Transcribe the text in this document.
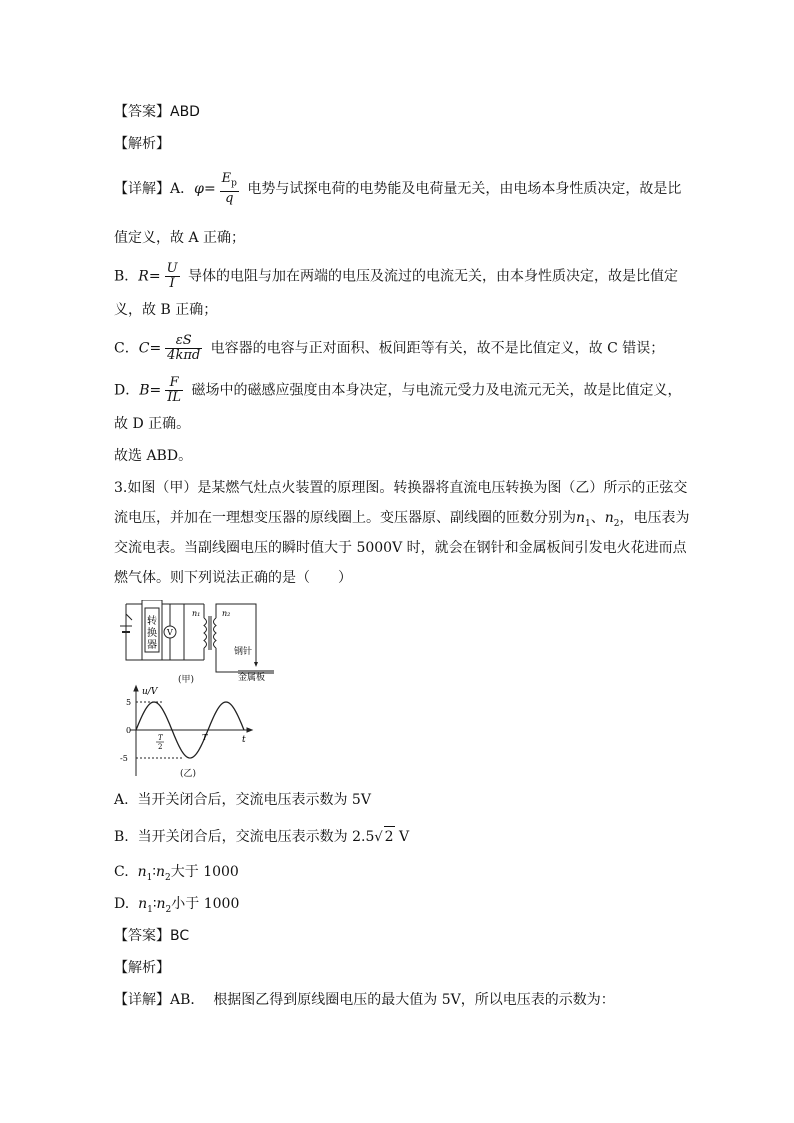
【答案】ABD
【解析】
【详解】A．$\varphi= \frac{E_p}{q}$ 电势与试探电荷的电势能及电荷量无关，由电场本身性质决定，故是比
值定义，故 A 正确；
B．$R= \frac{U}{I}$ 导体的电阻与加在两端的电压及流过的电流无关，由本身性质决定，故是比值定
义，故 B 正确；
C．$C= \frac{\varepsilon S}{\text{4kπd}}$ 电容器的电容与正对面积、板间距等有关，故不是比值定义，故 C 错误；
D．$B= \frac{F}{IL}$ 磁场中的磁感应强度由本身决定，与电流元受力及电流元无关，故是比值定义，
故 D 正确。
故选 ABD。
3.如图（甲）是某燃气灶点火装置的原理图。转换器将直流电压转换为图（乙）所示的正弦交
流电压，并加在一理想变压器的原线圈上。变压器原、副线圈的匝数分别为$n_1$、$n_2$，电压表为
交流电表。当副线圈电压的瞬时值大于 5000V 时，就会在钢针和金属板间引发电火花进而点
燃气体。则下列说法正确的是（　　）
转
换
器
V
n₁	n₂
钢针
金属板
(甲)
u/V
t
5
0
-5
T
2
T
(乙)
A. 当开关闭合后，交流电压表示数为 5V
B. 当开关闭合后，交流电压表示数为 2.5√ 2 V
C. $n_1∶n_2$大于 1000
D. $n_1∶n_2$小于 1000
【答案】BC
【解析】
【详解】AB． 根据图乙得到原线圈电压的最大值为 5V，所以电压表的示数为：
